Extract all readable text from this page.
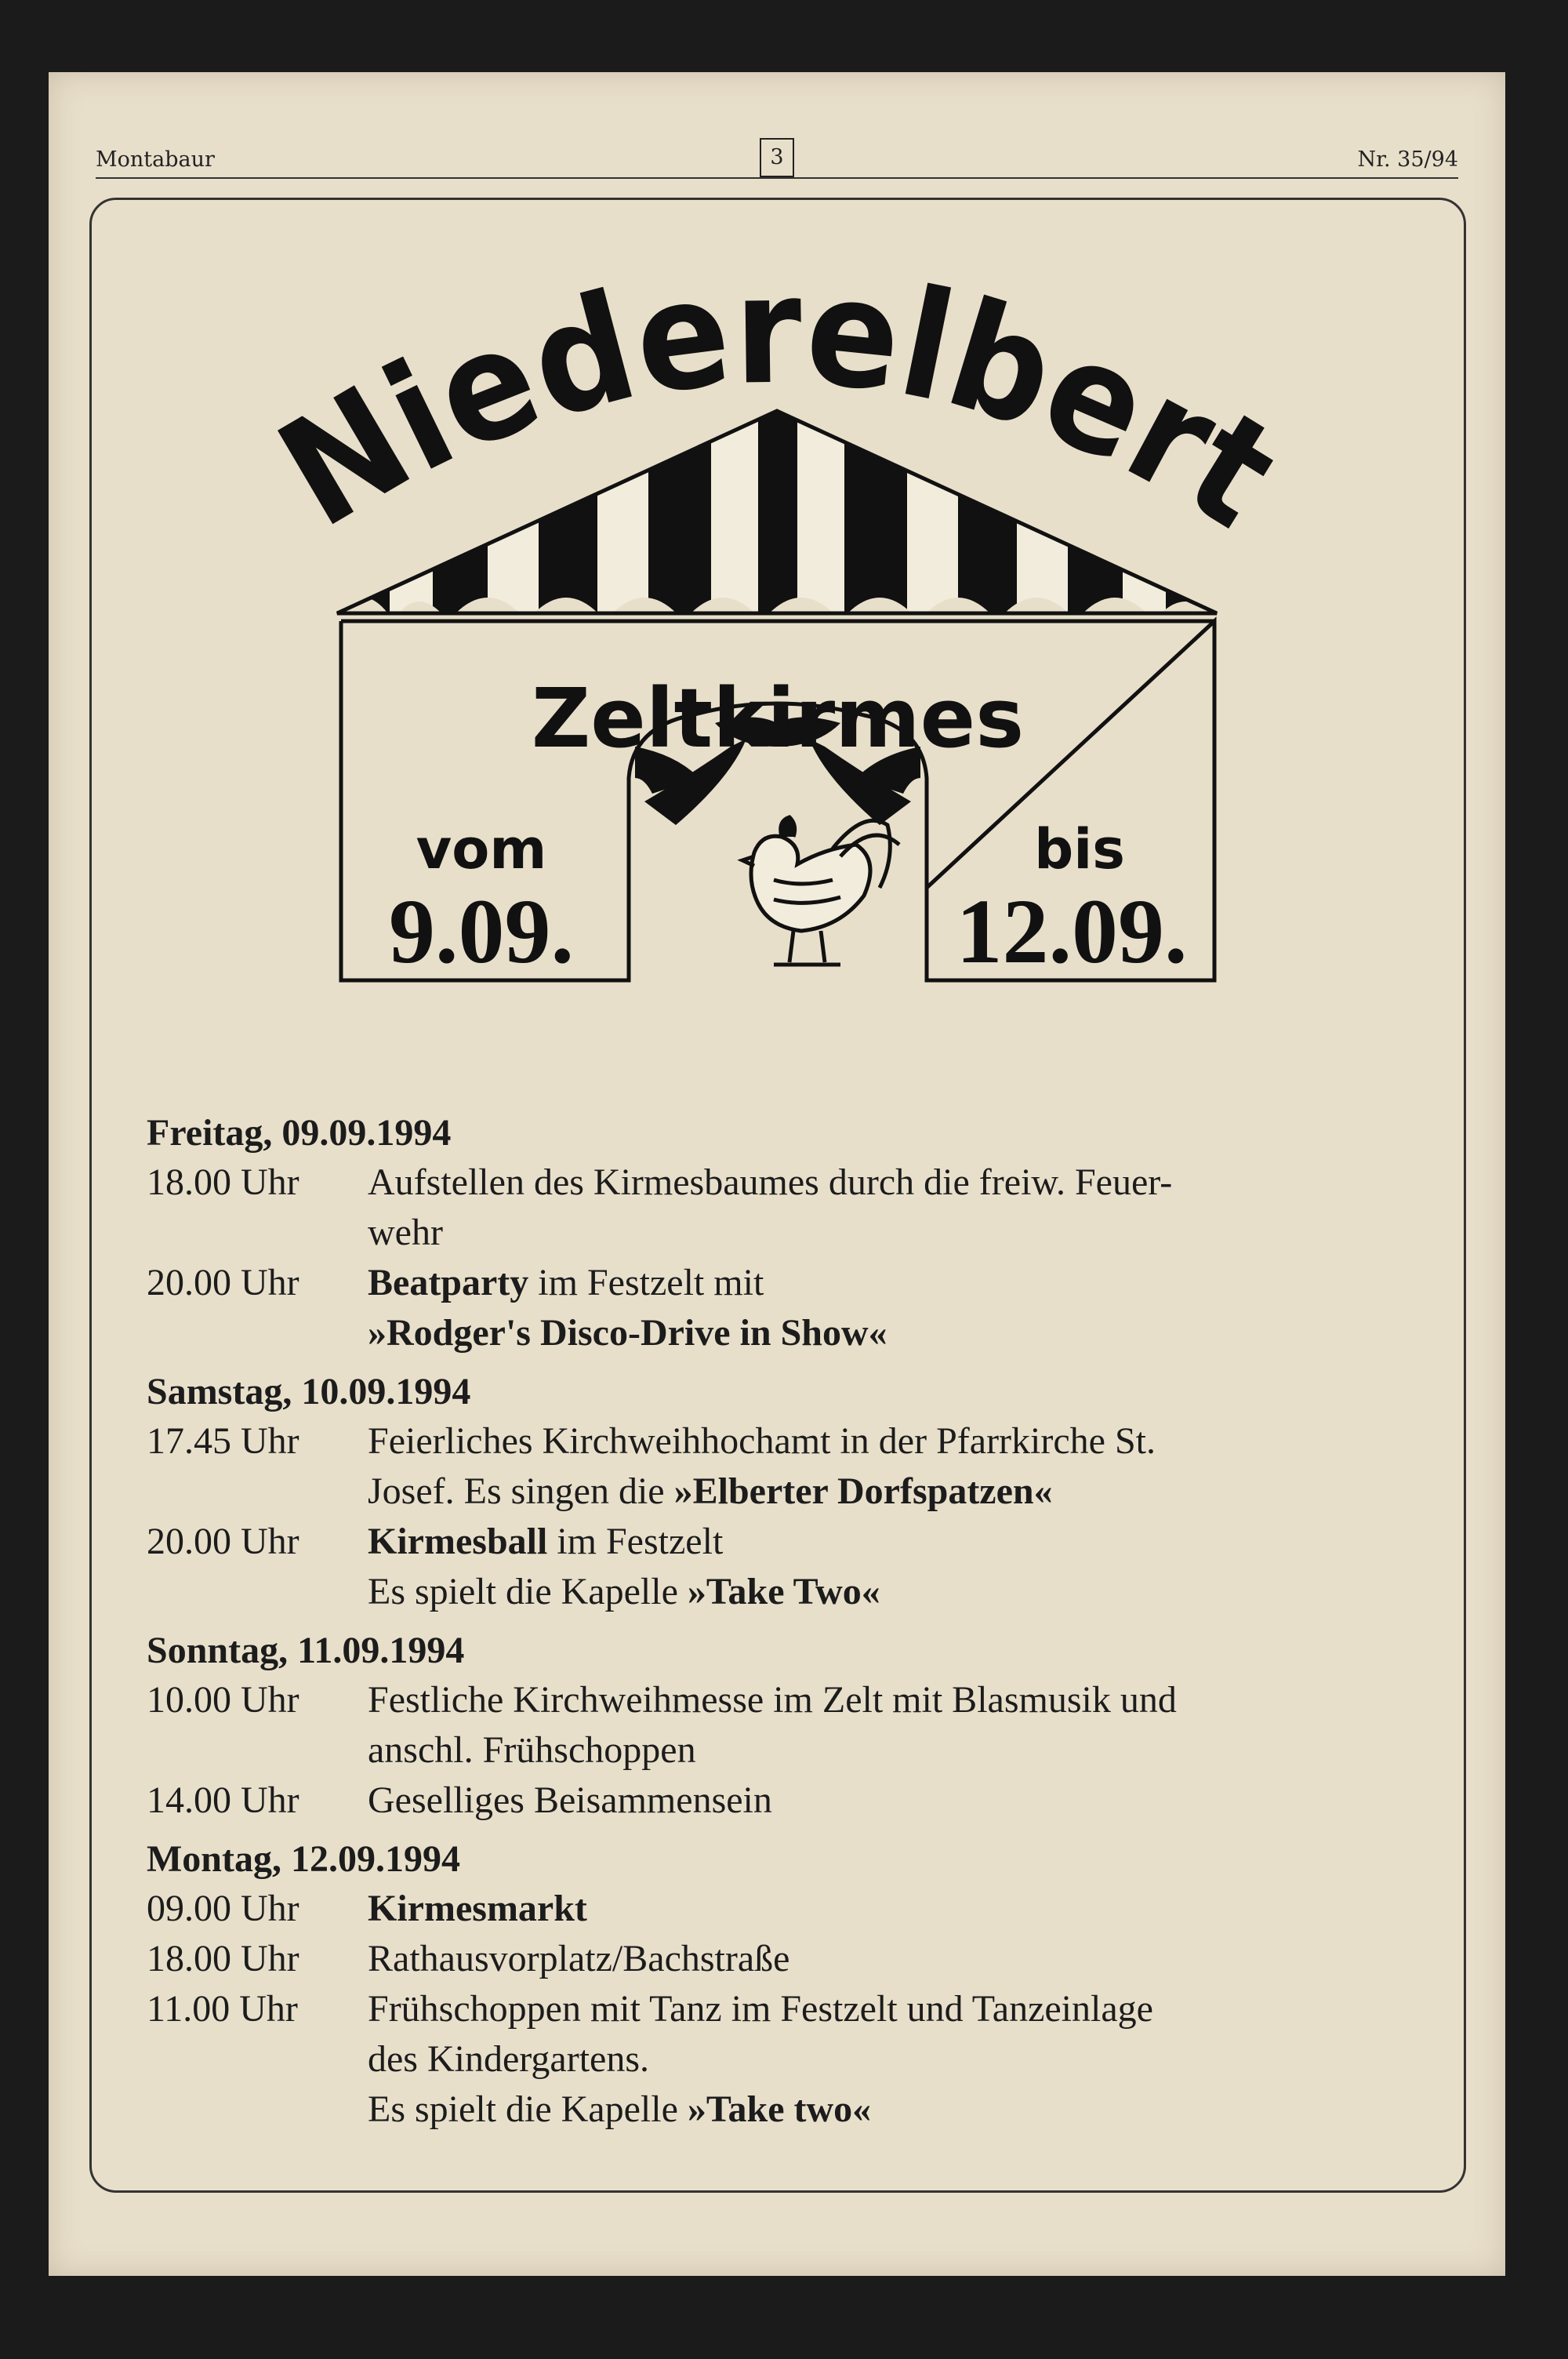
Montabaur	3	Nr. 35/94
Niederelbert
Zeltkirmes
vom	bis
9.09.	12.09.
Freitag, 09.09.1994
18.00 Uhr	Aufstellen des Kirmesbaumes durch die freiw. Feuer-
wehr
20.00 Uhr	Beatparty im Festzelt mit
»Rodger's Disco-Drive in Show«
Samstag, 10.09.1994
17.45 Uhr	Feierliches Kirchweihhochamt in der Pfarrkirche St.
Josef. Es singen die »Elberter Dorfspatzen«
20.00 Uhr	Kirmesball im Festzelt
Es spielt die Kapelle »Take Two«
Sonntag, 11.09.1994
10.00 Uhr	Festliche Kirchweihmesse im Zelt mit Blasmusik und
anschl. Frühschoppen
14.00 Uhr	Geselliges Beisammensein
Montag, 12.09.1994
09.00 Uhr	Kirmesmarkt
18.00 Uhr	Rathausvorplatz/Bachstraße
11.00 Uhr	Frühschoppen mit Tanz im Festzelt und Tanzeinlage
des Kindergartens.
Es spielt die Kapelle »Take two«
